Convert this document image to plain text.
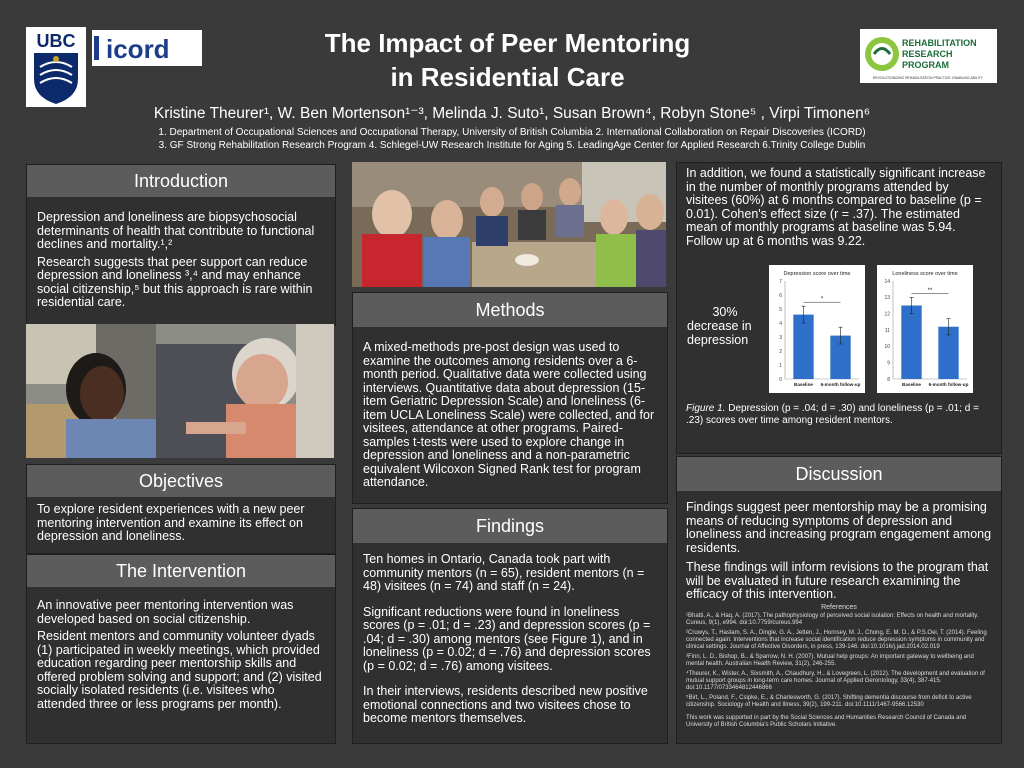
UBC icord	The Impact of Peer Mentoring
in Residential Care
REHABILITATION
RESEARCH
PROGRAM
REVOLUTIONIZING REHABILITATION PRACTICE: ENABLING ABILITY
Kristine Theurer¹, W. Ben Mortenson¹⁻³, Melinda J. Suto¹, Susan Brown⁴, Robyn Stone⁵ , Virpi Timonen⁶
1. Department of Occupational Sciences and Occupational Therapy, University of British Columbia 2. International Collaboration on Repair Discoveries (ICORD)
3. GF Strong Rehabilitation Research Program 4. Schlegel-UW Research Institute for Aging 5. LeadingAge Center for Applied Research 6.Trinity College Dublin
Introduction

Depression and loneliness are biopsychosocial determinants of health that contribute to functional declines and mortality.¹,²

Research suggests that peer support can reduce depression and loneliness ³,⁴ and may enhance social citizenship,⁵ but this approach is rare within residential care.

Objectives

To explore resident experiences with a new peer mentoring intervention and examine its effect on depression and loneliness.

The Intervention

An innovative peer mentoring intervention was developed based on social citizenship.

Resident mentors and community volunteer dyads (1) participated in weekly meetings, which provided education regarding peer mentorship skills and offered problem solving and support; and (2) visited socially isolated residents (i.e. visitees who attended three or less programs per month).

Methods

A mixed-methods pre-post design was used to examine the outcomes among residents over a 6-month period. Qualitative data were collected using interviews. Quantitative data about depression (15-item Geriatric Depression Scale) and loneliness (6-item UCLA Loneliness Scale) were collected, and for visitees, attendance at other programs. Paired-samples t-tests were used to explore change in depression and loneliness and a non-parametric equivalent Wilcoxon Signed Rank test for program attendance.

Findings

Ten homes in Ontario, Canada took part with community mentors (n = 65), resident mentors (n = 48) visitees (n = 74) and staff (n = 24).

Significant reductions were found in loneliness scores (p = .01; d = .23) and depression scores (p = .04; d = .30) among mentors (see Figure 1), and in loneliness (p = 0.02; d = .76) and depression scores (p = 0.02; d = .76) among visitees.

In their interviews, residents described new positive emotional connections and two visitees chose to become mentors themselves.

In addition, we found a statistically significant increase in the number of monthly programs attended by visitees (60%) at 6 months compared to baseline (p = 0.01). Cohen's effect size (r = .37). The estimated mean of monthly programs at baseline was 5.94. Follow up at 6 months was 9.22.

30%
decrease in depression
Depression score over time
0
1
2
3
4
5
6
7
Baseline 6-month follow-up
*
Loneliness score over time
8
9
10
11
12
13
14
Baseline 6-month follow-up
**
Figure 1. Depression (p = .04; d = .30) and loneliness (p = .01; d = .23) scores over time among resident mentors.
Discussion

Findings suggest peer mentorship may be a promising means of reducing symptoms of depression and loneliness and increasing program engagement among residents.

These findings will inform revisions to the program that will be evaluated in future research examining the efficacy of this intervention.

References

¹Bhatti, A., & Haq, A. (2017). The pathophysiology of perceived social isolation: Effects on health and mortality. Cureus, 9(1), e994. doi:10.7759/cureus.994

²Cruwys, T., Haslam, S. A., Dingle, G. A., Jetten, J., Hornsey, M. J., Chong, E. M. D., & P.S.Oei, T. (2014). Feeling connected again: Interventions that increase social identification reduce depression symptoms in community and clinical settings. Journal of Affective Disorders, in press, 139-146. doi:10.1016/j.jad.2014.02.019

³Finn, L. D., Bishop, B., & Sparrow, N. H. (2007). Mutual help groups: An important gateway to wellbeing and mental health. Australian Health Review, 31(2), 246-255.

⁴Theurer, K., Wister, A., Sixsmith, A., Chaudhury, H., & Lovegreen, L. (2012). The development and evaluation of mutual support groups in long-term care homes. Journal of Applied Gerontology, 33(4), 387-415. doi:10.1177/0733464812446866

⁵Birt, L., Poland, F., Csipke, E., & Charlesworth, G. (2017). Shifting dementia discourse from deficit to active citizenship. Sociology of Health and Illness, 39(2), 199-211. doi:10.1111/1467-9566.12530

This work was supported in part by the Social Sciences and Humanities Research Council of Canada and University of British Columbia's Public Scholars Initiative.
